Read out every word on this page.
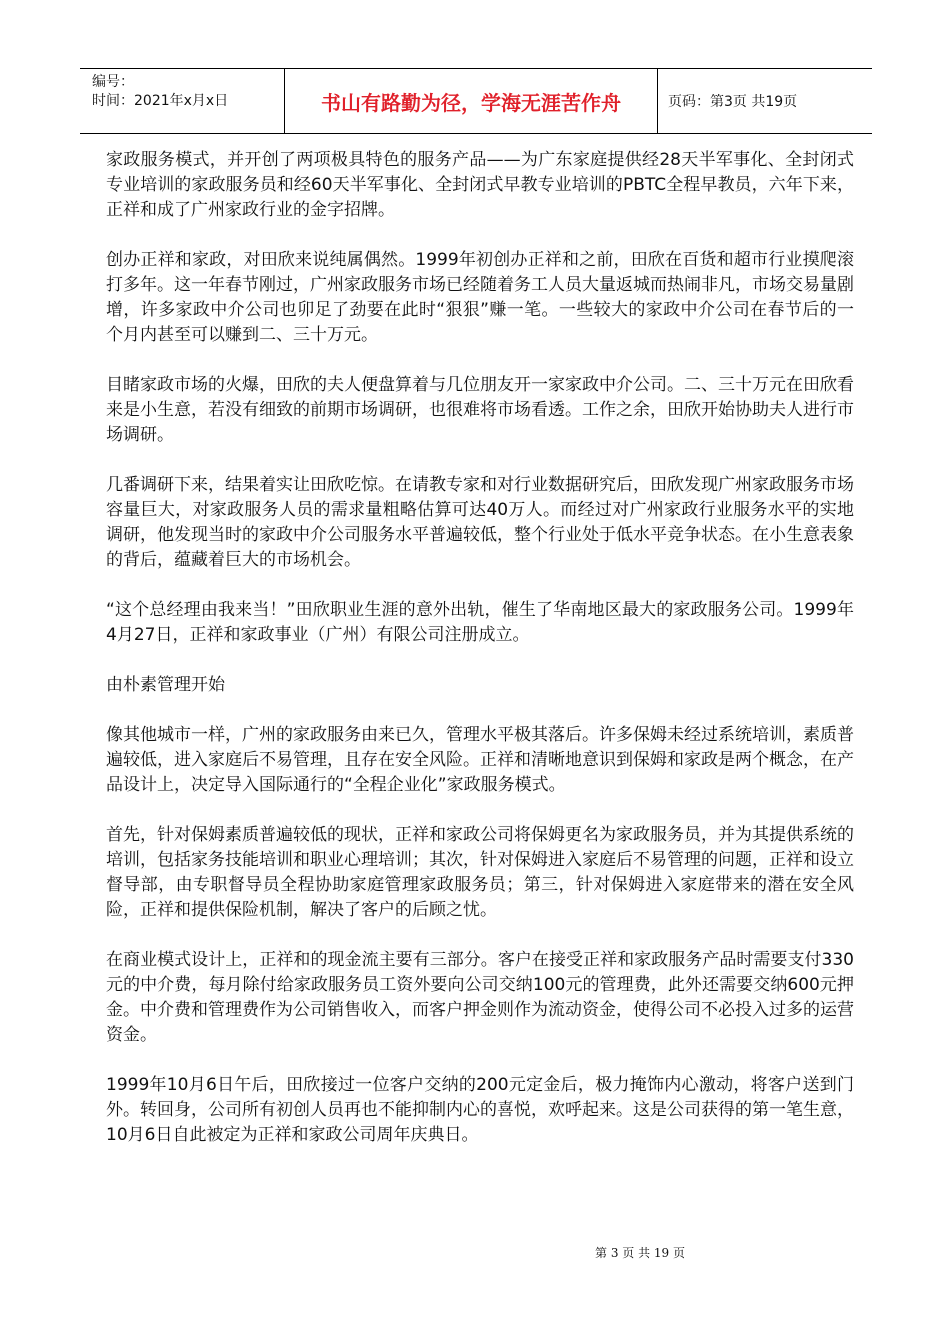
编号：
时间：2021年x月x日	书山有路勤为径，学海无涯苦作舟	页码：第3页 共19页

家政服务模式，并开创了两项极具特色的服务产品——为广东家庭提供经28天半军事化、全封闭式专业培训的家政服务员和经60天半军事化、全封闭式早教专业培训的PBTC全程早教员，六年下来，正祥和成了广州家政行业的金字招牌。

创办正祥和家政，对田欣来说纯属偶然。1999年初创办正祥和之前，田欣在百货和超市行业摸爬滚打多年。这一年春节刚过，广州家政服务市场已经随着务工人员大量返城而热闹非凡，市场交易量剧增，许多家政中介公司也卯足了劲要在此时“狠狠”赚一笔。一些较大的家政中介公司在春节后的一个月内甚至可以赚到二、三十万元。

目睹家政市场的火爆，田欣的夫人便盘算着与几位朋友开一家家政中介公司。二、三十万元在田欣看来是小生意，若没有细致的前期市场调研，也很难将市场看透。工作之余，田欣开始协助夫人进行市场调研。

几番调研下来，结果着实让田欣吃惊。在请教专家和对行业数据研究后，田欣发现广州家政服务市场容量巨大，对家政服务人员的需求量粗略估算可达40万人。而经过对广州家政行业服务水平的实地调研，他发现当时的家政中介公司服务水平普遍较低，整个行业处于低水平竞争状态。在小生意表象的背后，蕴藏着巨大的市场机会。

“这个总经理由我来当！”田欣职业生涯的意外出轨，催生了华南地区最大的家政服务公司。1999年4月27日，正祥和家政事业（广州）有限公司注册成立。

由朴素管理开始

像其他城市一样，广州的家政服务由来已久，管理水平极其落后。许多保姆未经过系统培训，素质普遍较低，进入家庭后不易管理，且存在安全风险。正祥和清晰地意识到保姆和家政是两个概念，在产品设计上，决定导入国际通行的“全程企业化”家政服务模式。

首先，针对保姆素质普遍较低的现状，正祥和家政公司将保姆更名为家政服务员，并为其提供系统的培训，包括家务技能培训和职业心理培训；其次，针对保姆进入家庭后不易管理的问题，正祥和设立督导部，由专职督导员全程协助家庭管理家政服务员；第三，针对保姆进入家庭带来的潜在安全风险，正祥和提供保险机制，解决了客户的后顾之忧。

在商业模式设计上，正祥和的现金流主要有三部分。客户在接受正祥和家政服务产品时需要支付330元的中介费，每月除付给家政服务员工资外要向公司交纳100元的管理费，此外还需要交纳600元押金。中介费和管理费作为公司销售收入，而客户押金则作为流动资金，使得公司不必投入过多的运营资金。

1999年10月6日午后，田欣接过一位客户交纳的200元定金后，极力掩饰内心激动，将客户送到门外。转回身，公司所有初创人员再也不能抑制内心的喜悦，欢呼起来。这是公司获得的第一笔生意，10月6日自此被定为正祥和家政公司周年庆典日。

第 3 页 共 19 页
